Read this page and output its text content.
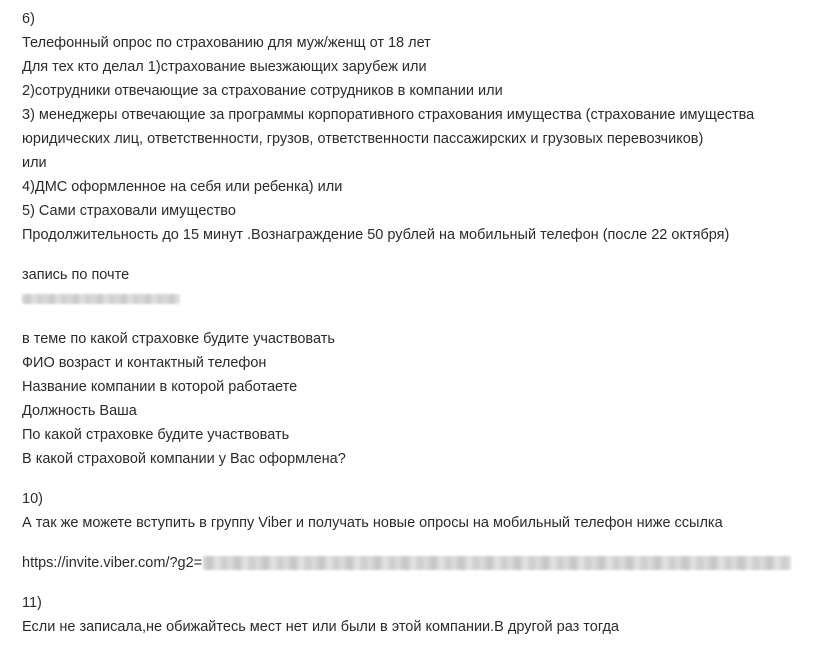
6)
Телефонный опрос по страхованию для муж/женщ от 18 лет
Для тех кто делал 1)страхование выезжающих зарубеж или
2)сотрудники отвечающие за страхование сотрудников в компании или
3) менеджеры отвечающие за программы корпоративного страхования имущества (страхование имущества
юридических лиц, ответственности, грузов, ответственности пассажирских и грузовых перевозчиков)
или
4)ДМС оформленное на себя или ребенка) или
5) Сами страховали имущество
Продолжительность до 15 минут .Вознаграждение 50 рублей на мобильный телефон (после 22 октября)
запись по почте
в теме по какой страховке будите участвовать
ФИО возраст и контактный телефон
Название компании в которой работаете
Должность Ваша
По какой страховке будите участвовать
В какой страховой компании у Вас оформлена?
10)
А так же можете вступить в группу Viber и получать новые опросы на мобильный телефон ниже ссылка
https://invite.viber.com/?g2=
11)
Если не записала,не обижайтесь мест нет или были в этой компании.В другой раз тогда
